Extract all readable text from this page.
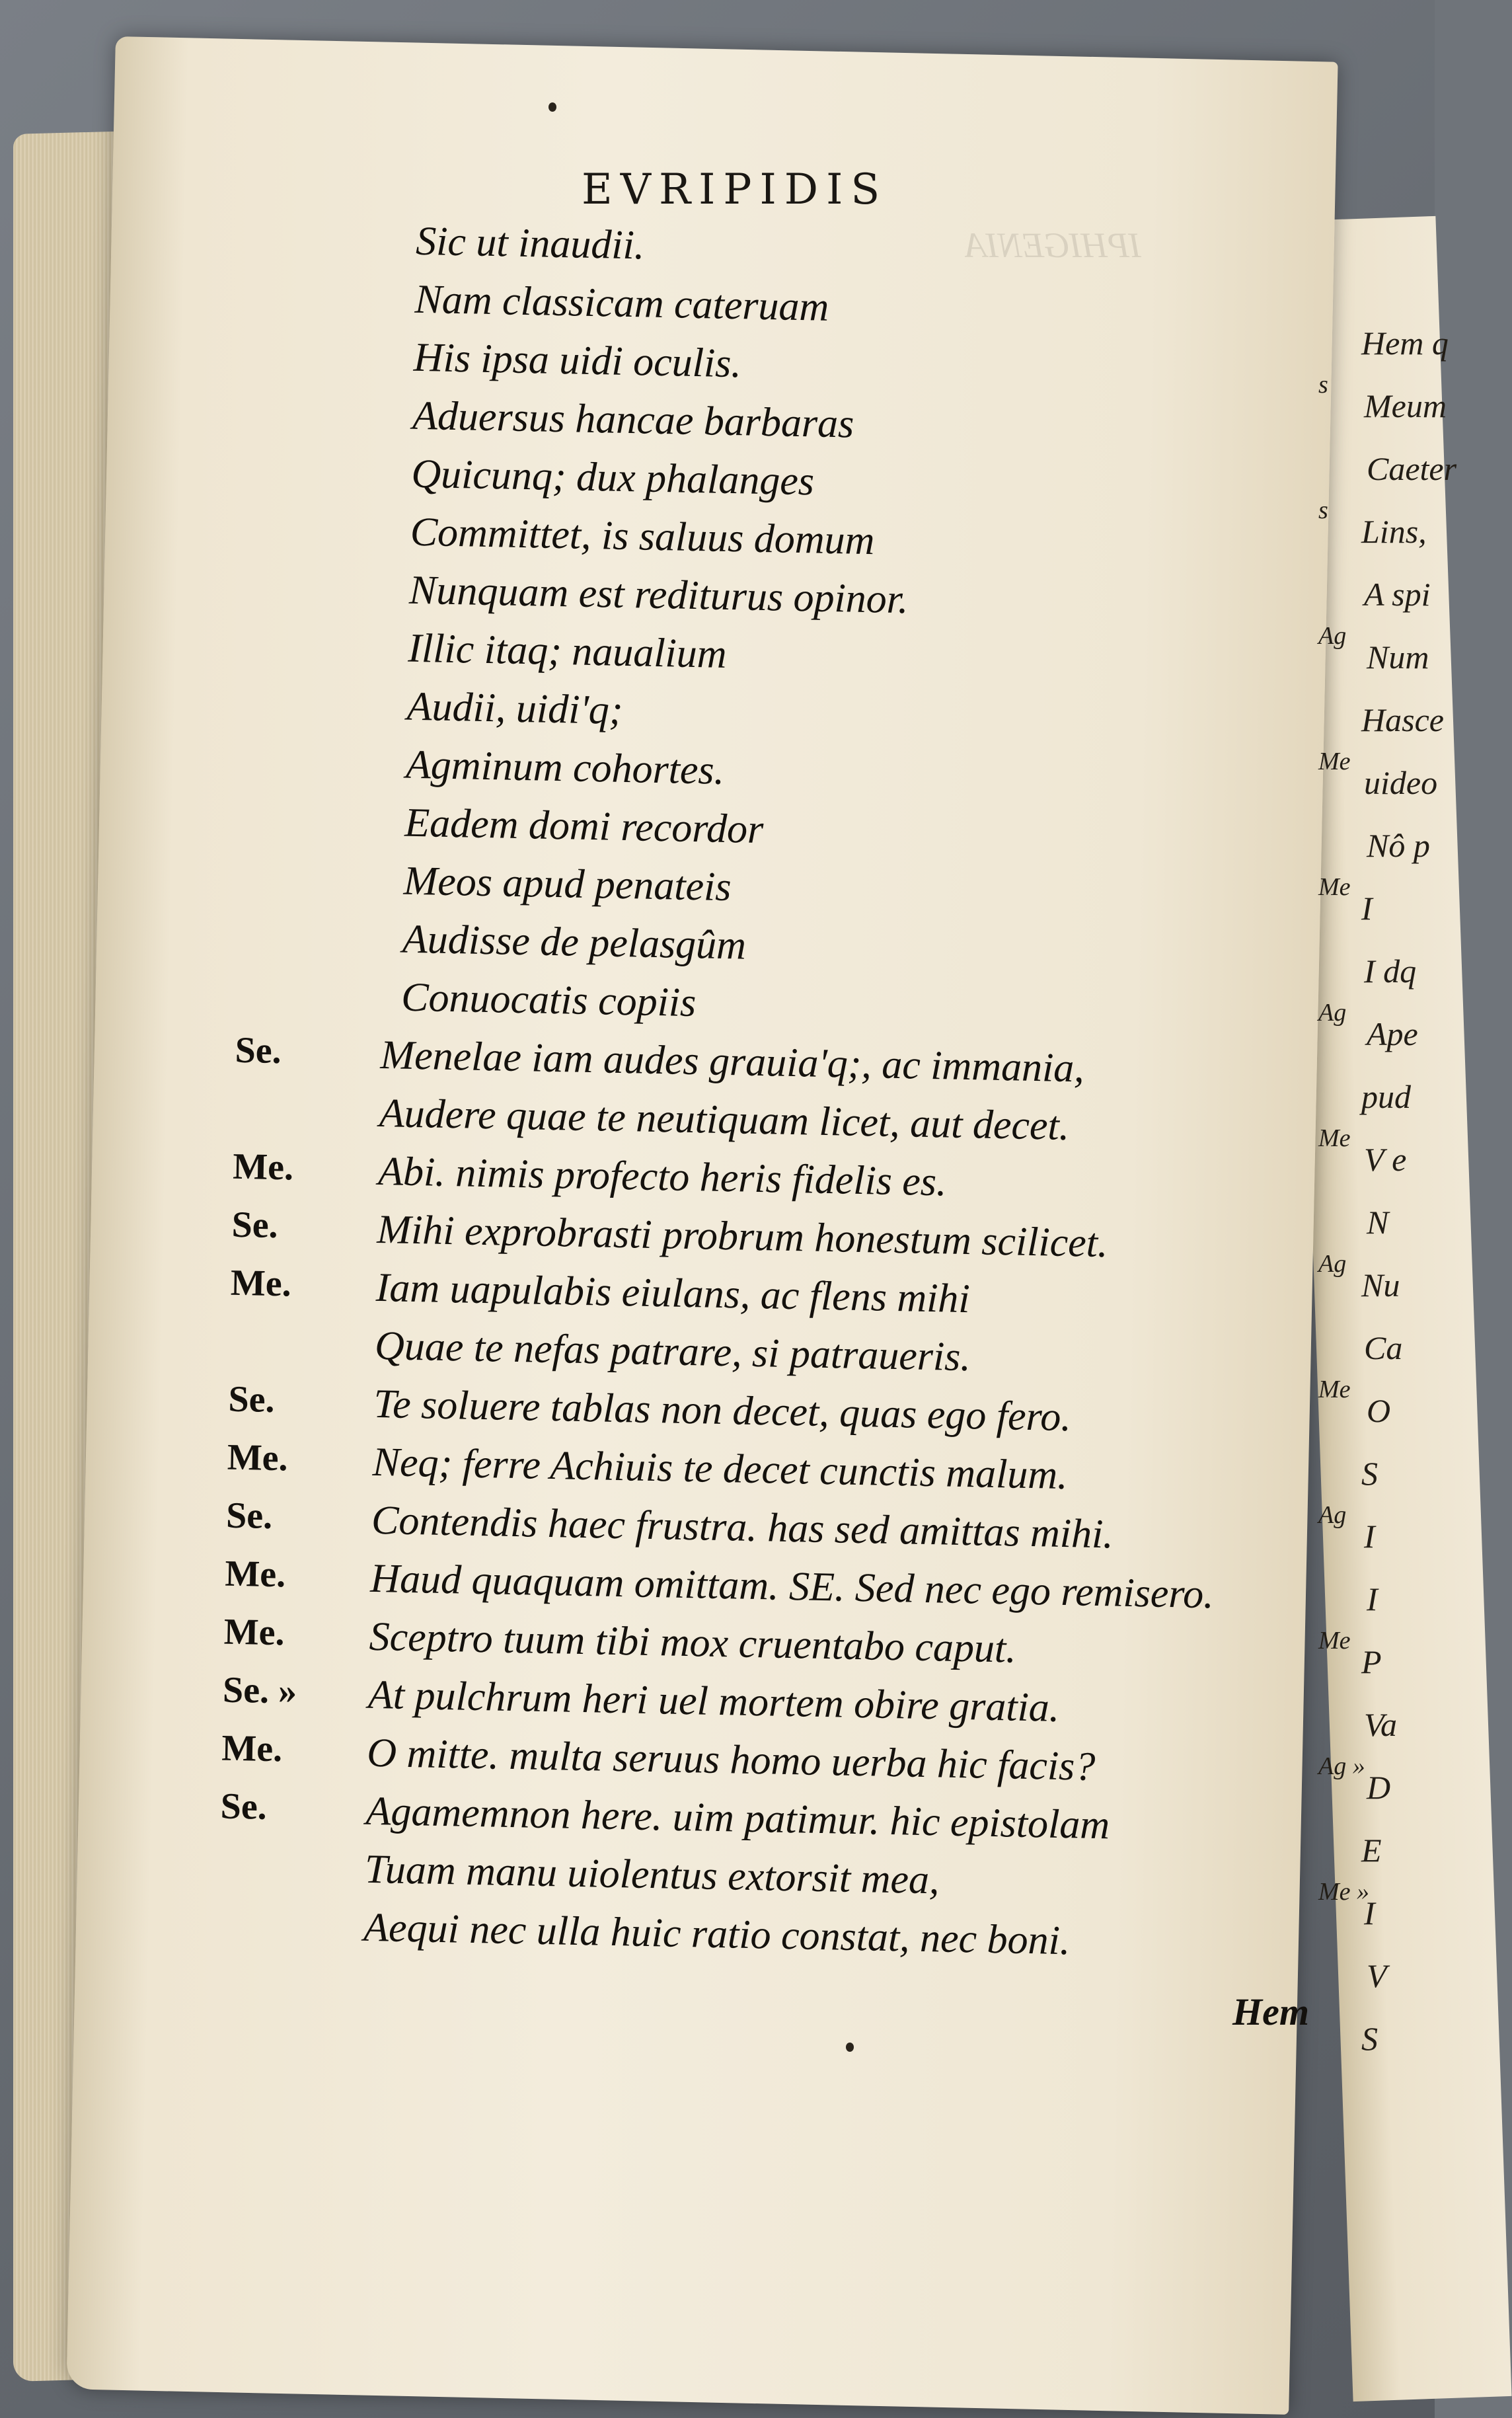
EVRIPIDIS
Sic ut inaudii.
Nam classicam cateruam
His ipsa uidi oculis.
Aduersus hancae barbaras
Quicunq; dux phalanges
Committet, is saluus domum
Nunquam est rediturus opinor.
Illic itaq; naualium
Audii, uidi'q;
Agminum cohortes.
Eadem domi recordor
Meos apud penateis
Audisse de pelasgûm
Conuocatis copiis
Se.	Menelae iam audes grauia'q;, ac immania,
Audere quae te neutiquam licet, aut decet.
Me.	Abi. nimis profecto heris fidelis es.
Se.	Mihi exprobrasti probrum honestum scilicet.
Me.	Iam uapulabis eiulans, ac flens mihi
Quae te nefas patrare, si patraueris.
Se.	Te soluere tablas non decet, quas ego fero.
Me.	Neq; ferre Achiuis te decet cunctis malum.
Se.	Contendis haec frustra. has sed amittas mihi.
Me.	Haud quaquam omittam. SE. Sed nec ego remisero.
Me.	Sceptro tuum tibi mox cruentabo caput.
Se. »	At pulchrum heri uel mortem obire gratia.
Me.	O mitte. multa seruus homo uerba hic facis?
Se.	Agamemnon here. uim patimur. hic epistolam
Tuam manu uiolentus extorsit mea,
Aequi nec ulla huic ratio constat, nec boni.
Hem
Hem q
Meum
Caeter
Lins,
A spi
Num
Hasce
uideo
Nô p
I
I dq
Ape
pud
V e
N
Nu
Ca
O
S
I
I
P
Va
D
E
I
V
S
s
s
Ag
Me
Me
Ag
Me
Ag
Me
Ag
Me
Ag »
Me »
IPHIGENIA
